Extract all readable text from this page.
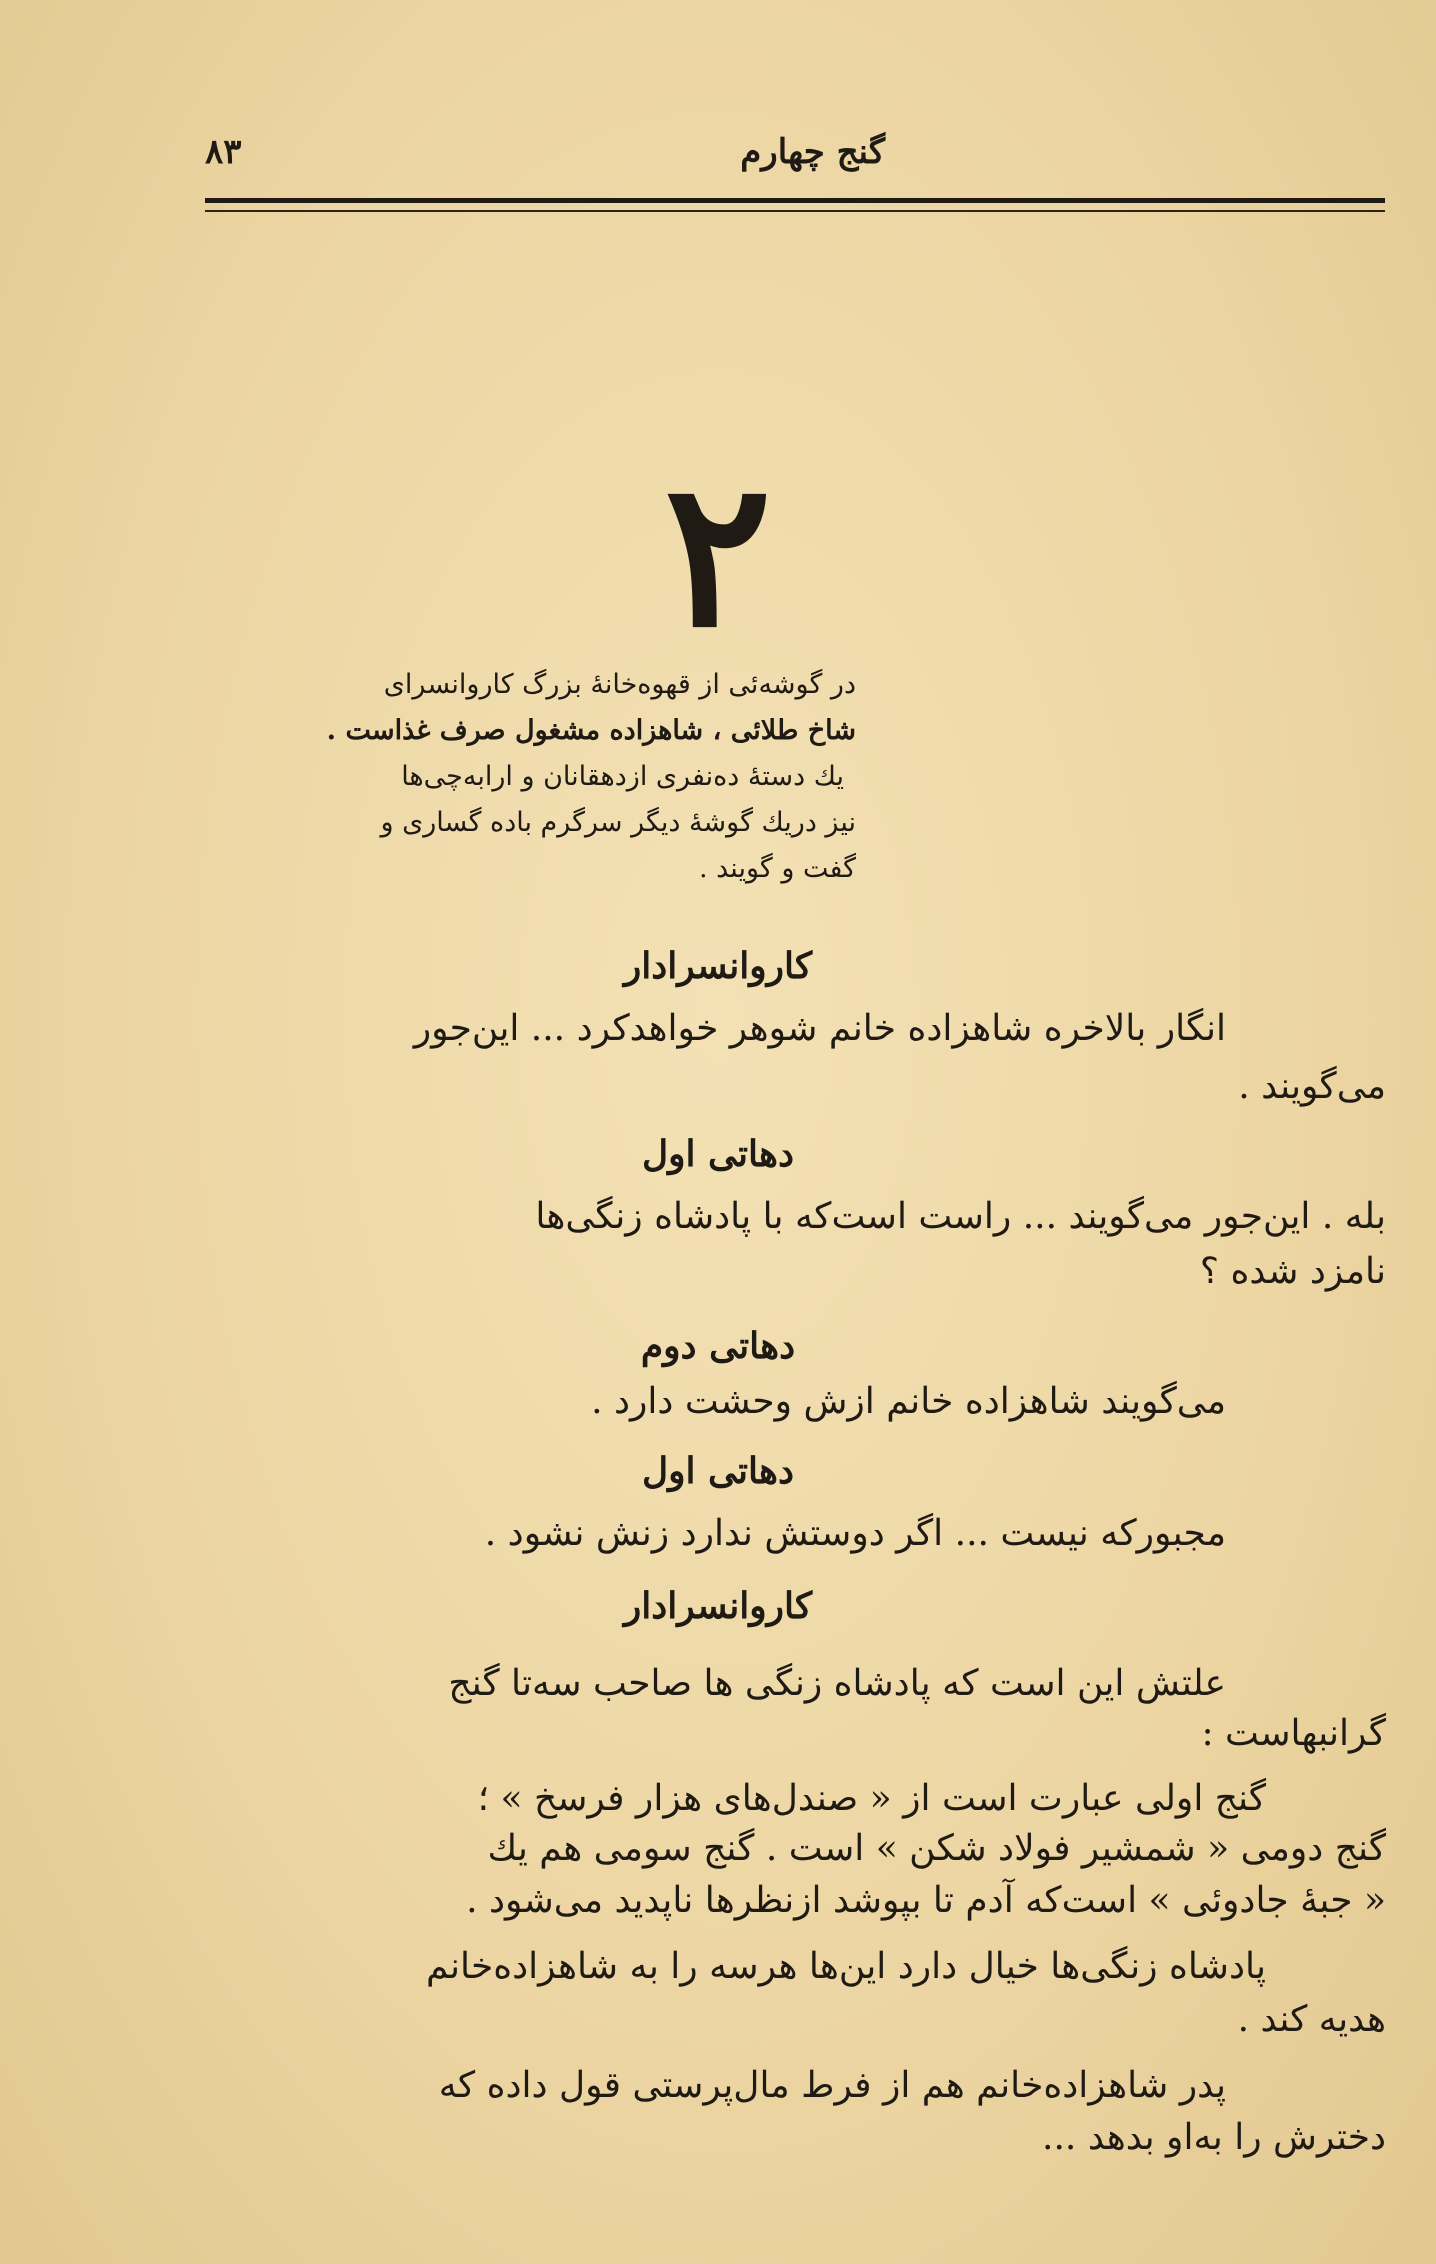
گنج چهارم
۸۳
۲
در گوشه‌ئی از قهوه‌خانهٔ بزرگ کاروانسرای
شاخ طلائی ، شاهزاده مشغول صرف غذاست .
یك دستهٔ ده‌نفری ازدهقانان و ارابه‌چی‌ها
نیز دریك گوشهٔ دیگر سرگرم باده گساری و
گفت و گویند .
کاروانسرادار
انگار بالاخره شاهزاده خانم شوهر خواهدکرد ... این‌جور
می‌گویند .
دهاتی اول
بله . این‌جور می‌گویند ... راست است‌که با پادشاه زنگی‌ها
نامزد شده ؟
دهاتی دوم
می‌گویند شاهزاده خانم ازش وحشت دارد .
دهاتی اول
مجبورکه نیست ... اگر دوستش ندارد زنش نشود .
کاروانسرادار
علتش این است که پادشاه زنگی ها صاحب سه‌تا گنج
گرانبهاست :
گنج اولی عبارت است از « صندل‌های هزار فرسخ » ؛
گنج دومی « شمشیر فولاد شکن » است . گنج سومی هم یك
« جبهٔ جادوئی » است‌که آدم تا بپوشد ازنظرها ناپدید می‌شود .
پادشاه زنگی‌ها خیال دارد این‌ها هرسه را به شاهزاده‌خانم
هدیه کند .
پدر شاهزاده‌خانم هم از فرط مال‌پرستی قول داده که
دخترش را به‌او بدهد ...
